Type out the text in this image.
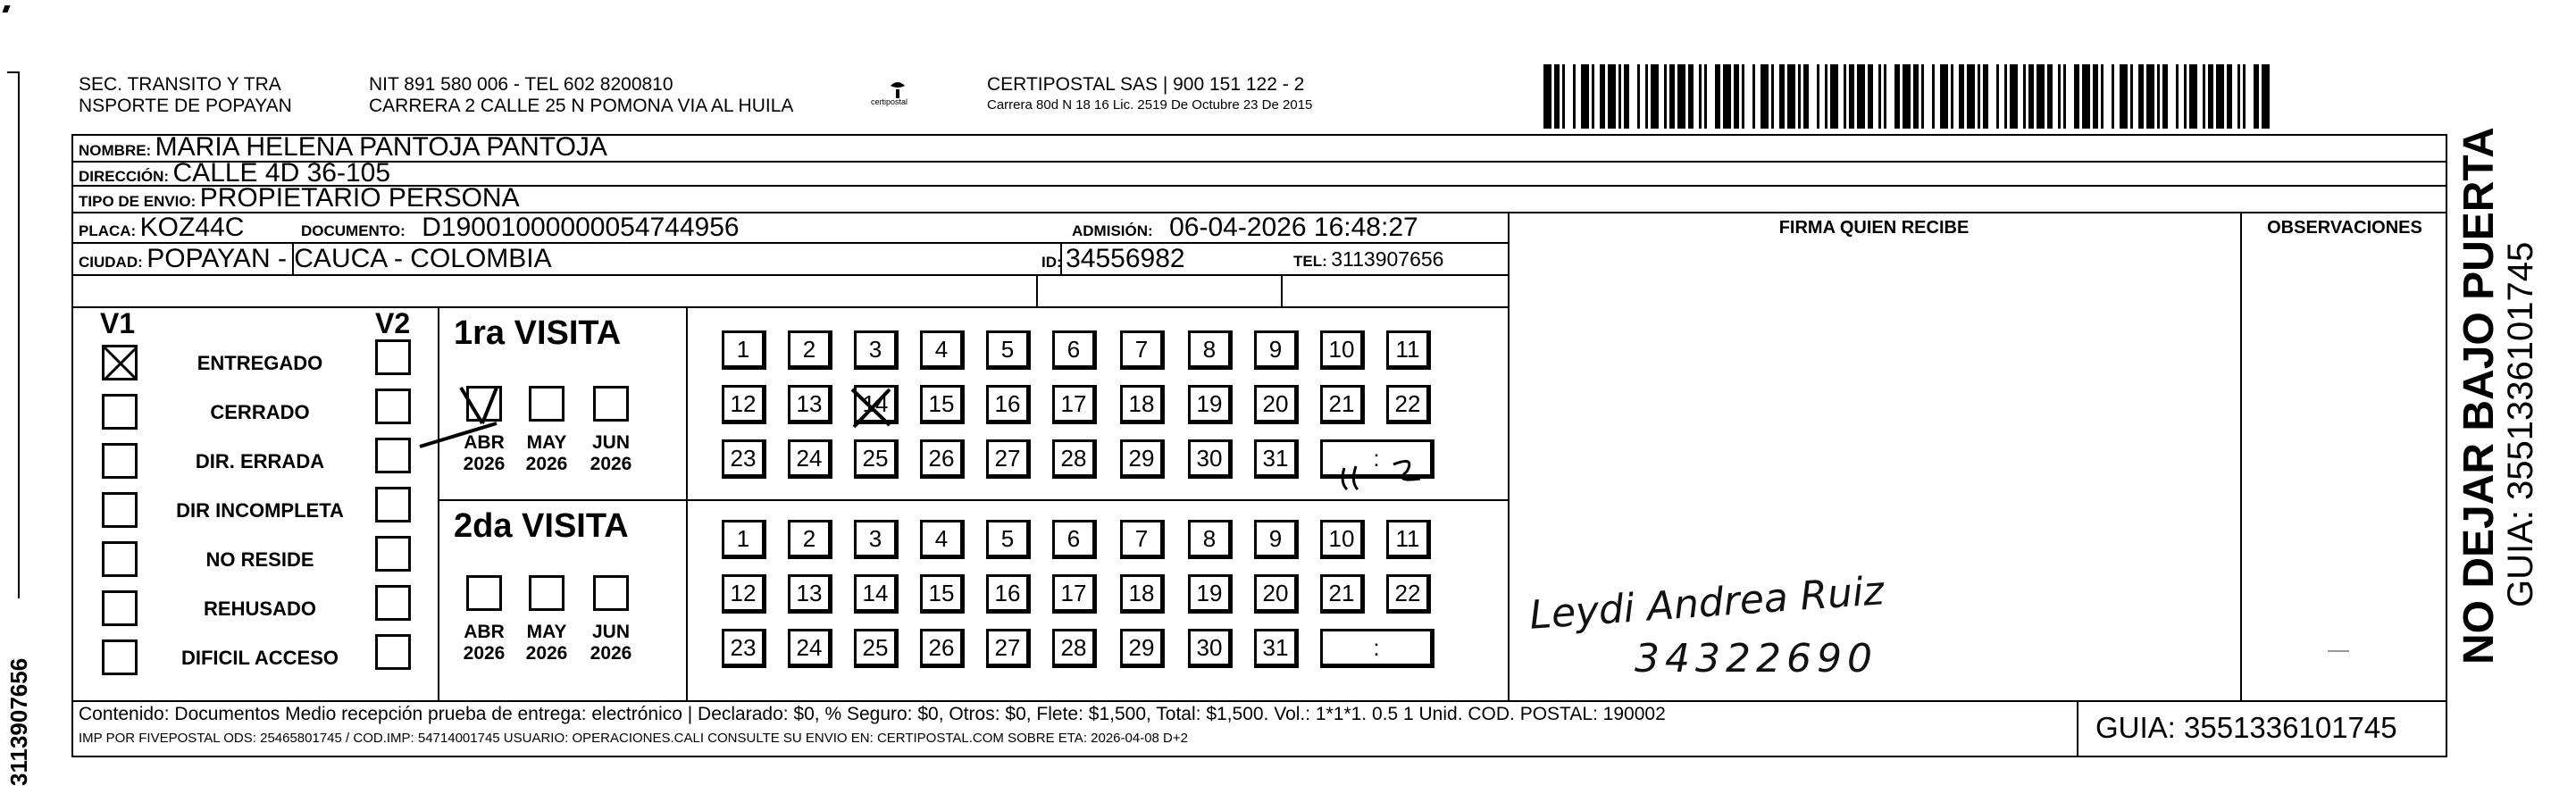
3113907656
SEC. TRANSITO Y TRA
NSPORTE DE POPAYAN
NIT 891 580 006 - TEL 602 8200810
CARRERA 2 CALLE 25 N POMONA VIA AL HUILA	certipostal
CERTIPOSTAL SAS | 900 151 122 - 2
Carrera 80d N 18 16 Lic. 2519 De Octubre 23 De 2015
NOMBRE: MARIA HELENA PANTOJA PANTOJA
DIRECCIÓN: CALLE 4D 36-105
TIPO DE ENVIO: PROPIETARIO PERSONA
PLACA: KOZ44C	DOCUMENTO: D19001000000054744956	ADMISIÓN: 06-04-2026 16:48:27
CIUDAD: POPAYAN - CAUCA - COLOMBIA	ID: 34556982	TEL: 3113907656
FIRMA QUIEN RECIBE	OBSERVACIONES
Leydi Andrea Ruiz
34322690
V1	V2
ENTREGADO
CERRADO
DIR. ERRADA
DIR INCOMPLETA
NO RESIDE
REHUSADO
DIFICIL ACCESO
1ra VISITA
ABR
2026
MAY
2026
JUN
2026
1	2	3	4	5	6	7	8	9	10	11
12	13	14	15	16	17	18	19	20	21	22
23	24	25	26	27	28	29	30	31	:
2da VISITA
ABR
2026
MAY
2026
JUN
2026
1	2	3	4	5	6	7	8	9	10	11
12	13	14	15	16	17	18	19	20	21	22
23	24	25	26	27	28	29	30	31	:
Contenido: Documentos Medio recepción prueba de entrega: electrónico | Declarado: $0, % Seguro: $0, Otros: $0, Flete: $1,500, Total: $1,500. Vol.: 1*1*1. 0.5 1 Unid. COD. POSTAL: 190002
IMP POR FIVEPOSTAL ODS: 25465801745 / COD.IMP: 54714001745 USUARIO: OPERACIONES.CALI CONSULTE SU ENVIO EN: CERTIPOSTAL.COM SOBRE ETA: 2026-04-08 D+2	GUIA: 3551336101745
NO DEJAR BAJO PUERTA
GUIA: 3551336101745
